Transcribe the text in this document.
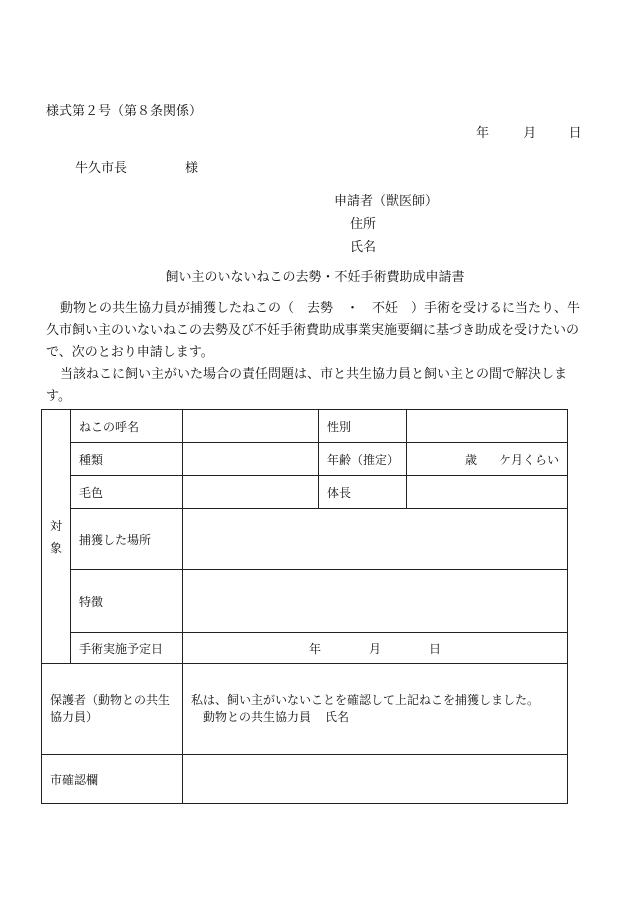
様式第２号（第８条関係）
年	月 日
牛久市長	様
申請者（獣医師）
住所
氏名
飼い主のいないねこの去勢・不妊手術費助成申請書
動物との共生協力員が捕獲したねこの（　去勢　・　不妊　）手術を受けるに当たり、牛久市飼い主のいないねこの去勢及び不妊手術費助成事業実施要綱に基づき助成を受けたいので、次のとおり申請します。
当該ねこに飼い主がいた場合の責任問題は、市と共生協力員と飼い主との間で解決します。
対象	ねこの呼名		性別	
	種類		年齢（推定）	歳 ケ月くらい
	毛色		体長	
	捕獲した場所			
	特徴			
	手術実施予定日	年 月 日		
保護者（動物との共生協力員）		私は、飼い主がいないことを確認して上記ねこを捕獲しました。
動物との共生協力員 氏名		

市確認欄				
